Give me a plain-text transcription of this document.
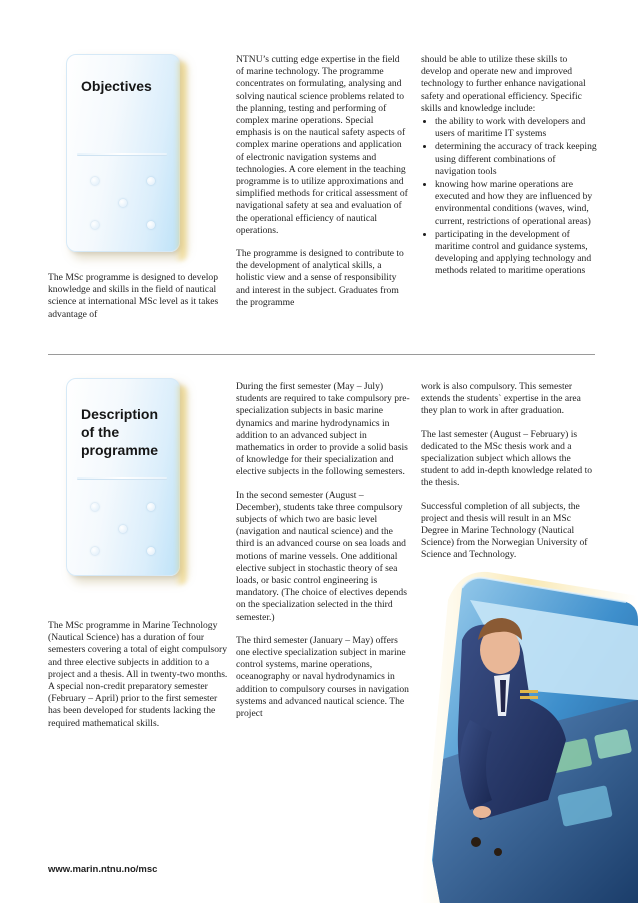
Objectives

The MSc programme is designed to develop knowledge and skills in the field of nautical science at international MSc level as it takes advantage of

NTNU’s cutting edge expertise in the field of marine technology. The programme concentrates on formulating, analysing and solving nautical science problems related to the planning, testing and performing of complex marine operations. Special emphasis is on the nautical safety aspects of complex marine operations and application of electronic navigation systems and technologies. A core element in the teaching programme is to utilize approximations and simplified methods for critical assessment of navigational safety at sea and evaluation of the operational efficiency of nautical operations.

The programme is designed to contribute to the development of analytical skills, a holistic view and a sense of responsibility and interest in the subject. Graduates from the programme

should be able to utilize these skills to develop and operate new and improved technology to further enhance navigational safety and operational efficiency. Specific skills and knowledge include:

• the ability to work with developers and users of maritime IT systems
• determining the accuracy of track keeping using different combinations of navigation tools
• knowing how marine operations are executed and how they are influenced by environmental conditions (waves, wind, current, restrictions of operational areas)
• participating in the development of maritime control and guidance systems, developing and applying technology and methods related to maritime operations
Description
of the
programme

The MSc programme in Marine Technology (Nautical Science) has a duration of four semesters covering a total of eight compulsory and three elective subjects in addition to a project and a thesis. All in twenty-two months. A special non-credit preparatory semester (February – April) prior to the first semester has been developed for students lacking the required mathematical skills.

During the first semester (May – July) students are required to take compulsory pre-specialization subjects in basic marine dynamics and marine hydrodynamics in addition to an advanced subject in mathematics in order to provide a solid basis of knowledge for their specialization and elective subjects in the following semesters.

In the second semester (August – December), students take three compulsory subjects of which two are basic level (navigation and nautical science) and the third is an advanced course on sea loads and motions of marine vessels. One additional elective subject in stochastic theory of sea loads, or basic control engineering is mandatory. (The choice of electives depends on the specialization selected in the third semester.)

The third semester (January – May) offers one elective specialization subject in marine control systems, marine operations, oceanography or naval hydrodynamics in addition to compulsory courses in navigation systems and advanced nautical science. The project

work is also compulsory. This semester extends the students` expertise in the area they plan to work in after graduation.

The last semester (August – February) is dedicated to the MSc thesis work and a specialization subject which allows the student to add in-depth knowledge related to the thesis.

Successful completion of all subjects, the project and thesis will result in an MSc Degree in Marine Technology (Nautical Science) from the Norwegian University of Science and Technology.

www.marin.ntnu.no/msc
